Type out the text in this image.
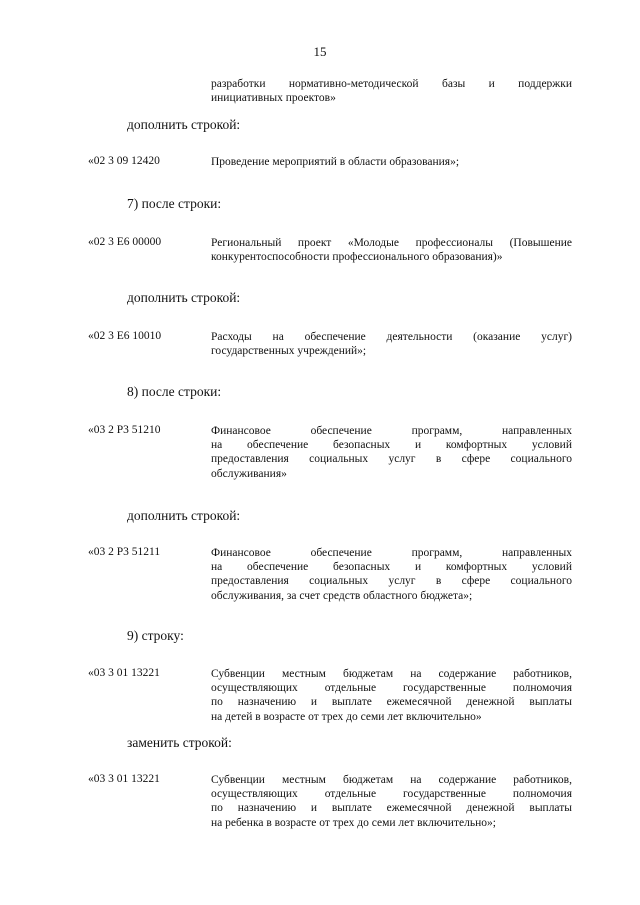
15
разработки нормативно-методической базы и поддержки
инициативных проектов»
дополнить строкой:
«02 3 09 12420	Проведение мероприятий в области образования»;
7) после строки:
«02 3 Е6 00000	Региональный проект «Молодые профессионалы (Повышение
конкурентоспособности профессионального образования)»
дополнить строкой:
«02 3 Е6 10010	Расходы на обеспечение деятельности (оказание услуг)
государственных учреждений»;
8) после строки:
«03 2 Р3 51210	Финансовое обеспечение программ, направленных
на обеспечение безопасных и комфортных условий
предоставления социальных услуг в сфере социального
обслуживания»
дополнить строкой:
«03 2 Р3 51211	Финансовое обеспечение программ, направленных
на обеспечение безопасных и комфортных условий
предоставления социальных услуг в сфере социального
обслуживания, за счет средств областного бюджета»;
9) строку:
«03 3 01 13221	Субвенции местным бюджетам на содержание работников,
осуществляющих отдельные государственные полномочия
по назначению и выплате ежемесячной денежной выплаты
на детей в возрасте от трех до семи лет включительно»
заменить строкой:
«03 3 01 13221	Субвенции местным бюджетам на содержание работников,
осуществляющих отдельные государственные полномочия
по назначению и выплате ежемесячной денежной выплаты
на ребенка в возрасте от трех до семи лет включительно»;
